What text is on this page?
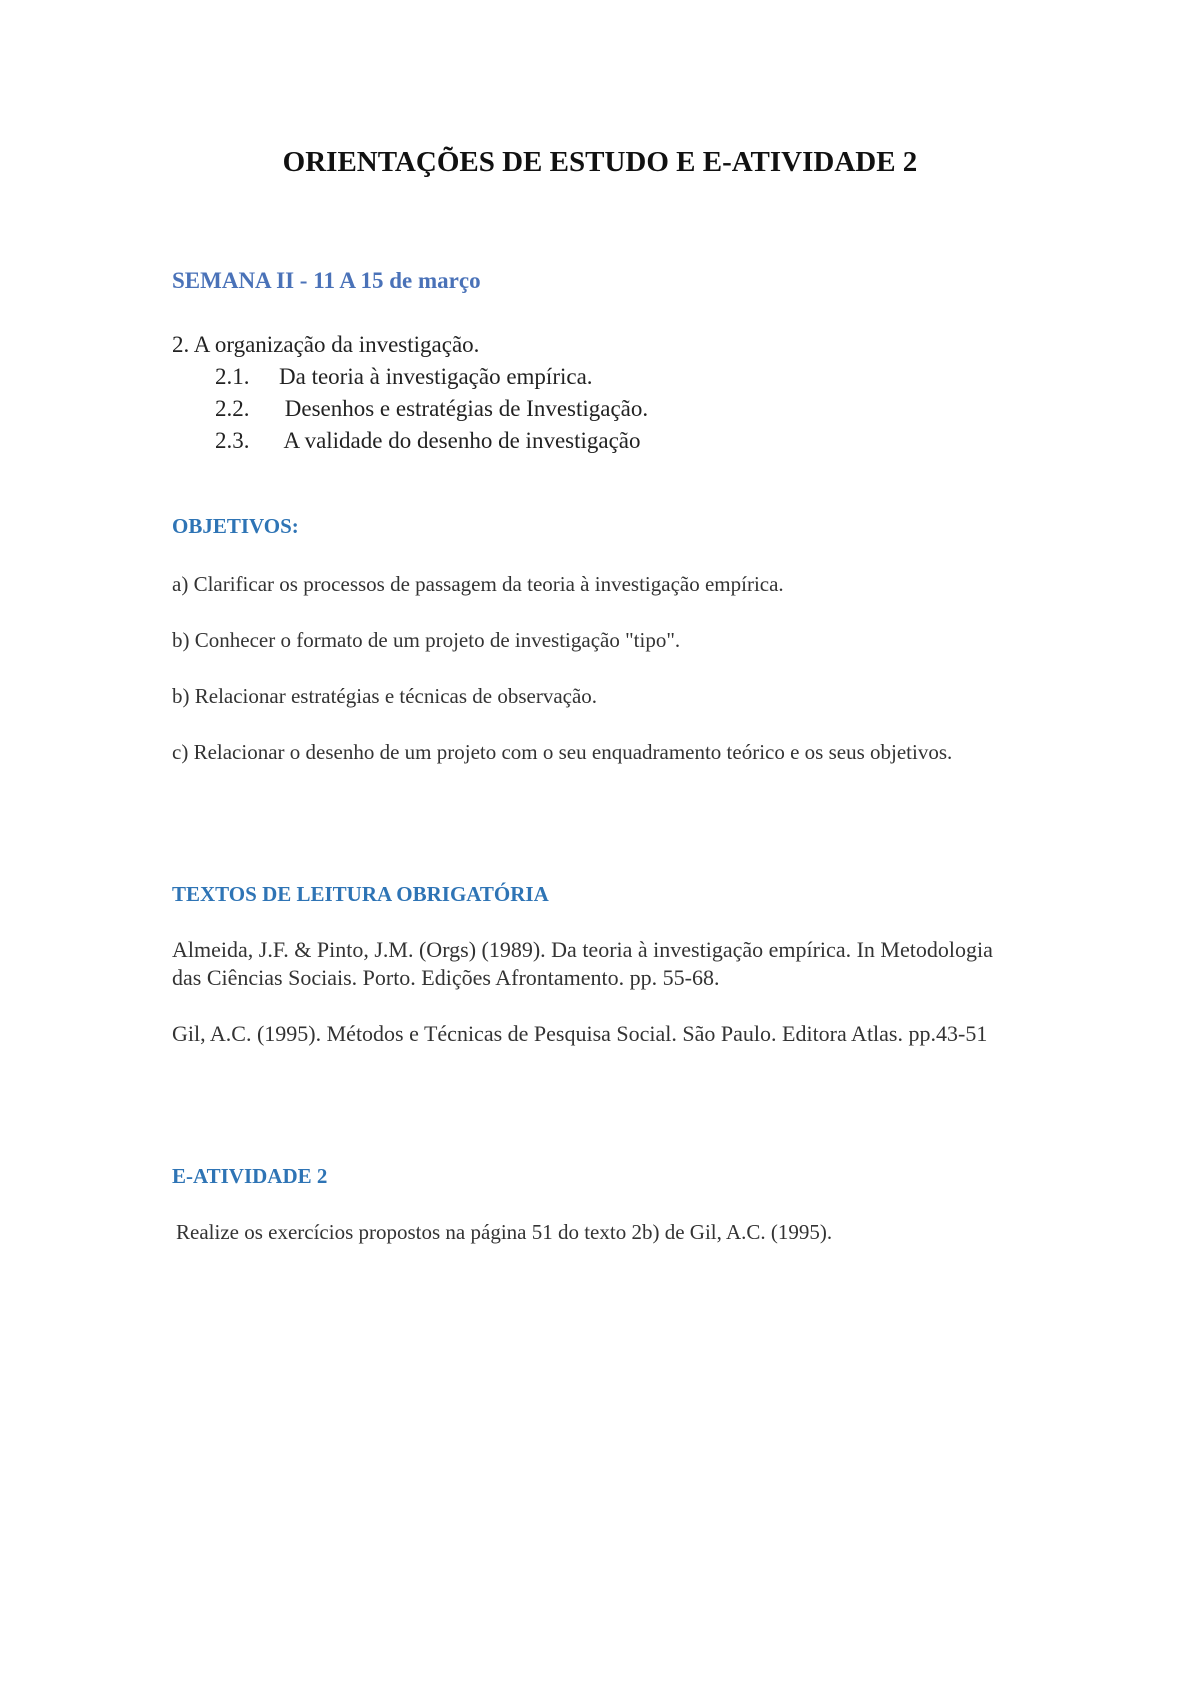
ORIENTAÇÕES DE ESTUDO E E-ATIVIDADE 2

SEMANA II - 11 A 15 de março

2. A organização da investigação.

2.1. Da teoria à investigação empírica.

2.2. Desenhos e estratégias de Investigação.

2.3. A validade do desenho de investigação

OBJETIVOS:

a) Clarificar os processos de passagem da teoria à investigação empírica.

b) Conhecer o formato de um projeto de investigação "tipo".

b) Relacionar estratégias e técnicas de observação.

c) Relacionar o desenho de um projeto com o seu enquadramento teórico e os seus objetivos.

TEXTOS DE LEITURA OBRIGATÓRIA

Almeida, J.F. & Pinto, J.M. (Orgs) (1989). Da teoria à investigação empírica. In Metodologia das Ciências Sociais. Porto. Edições Afrontamento. pp. 55-68.

Gil, A.C. (1995). Métodos e Técnicas de Pesquisa Social. São Paulo. Editora Atlas. pp.43-51

E-ATIVIDADE 2

Realize os exercícios propostos na página 51 do texto 2b) de Gil, A.C. (1995).
